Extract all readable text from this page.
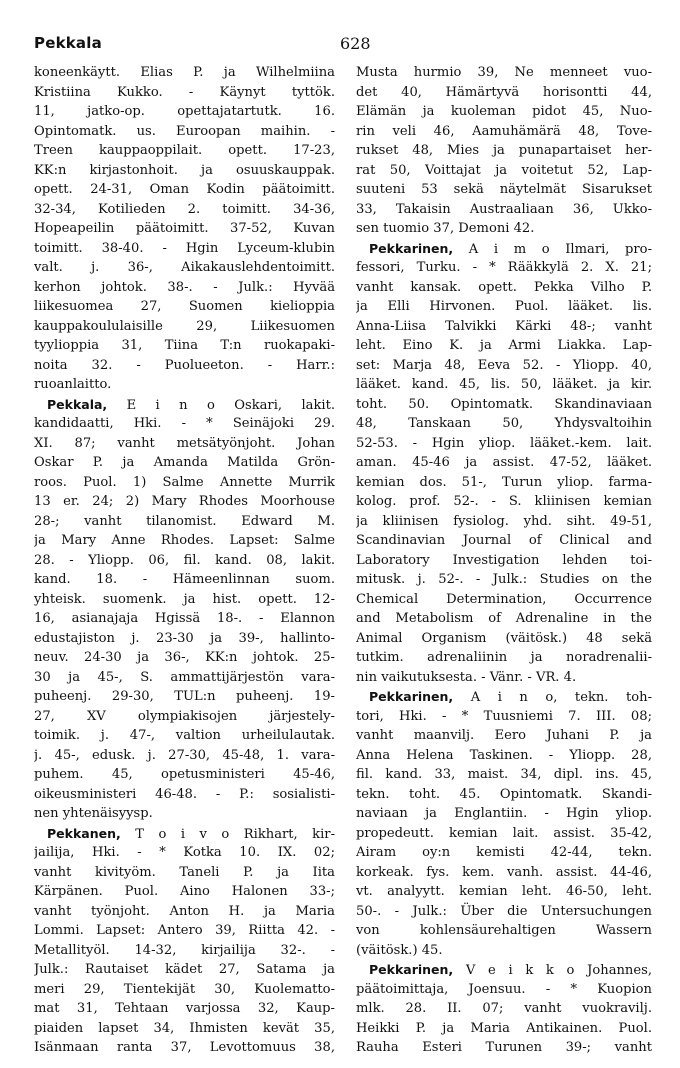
Pekkala	628
koneenkäytt. Elias P. ja Wilhelmiina
Kristiina Kukko. - Käynyt tyttök.
11, jatko-op. opettajatartutk. 16.
Opintomatk. us. Euroopan maihin. -
Treen kauppaoppilait. opett. 17-23,
KK:n kirjastonhoit. ja osuuskauppak.
opett. 24-31, Oman Kodin päätoimitt.
32-34, Kotilieden 2. toimitt. 34-36,
Hopeapeilin päätoimitt. 37-52, Kuvan
toimitt. 38-40. - Hgin Lyceum-klubin
valt. j. 36-, Aikakauslehdentoimitt.
kerhon johtok. 38-. - Julk.: Hyvää
liikesuomea 27, Suomen kielioppia
kauppakoululaisille 29, Liikesuomen
tyylioppia 31, Tiina T:n ruokapaki-
noita 32. - Puolueeton. - Harr.:
ruoanlaitto.
Pekkala, E i n o Oskari, lakit.
kandidaatti, Hki. - * Seinäjoki 29.
XI. 87; vanht metsätyönjoht. Johan
Oskar P. ja Amanda Matilda Grön-
roos. Puol. 1) Salme Annette Murrik
13 er. 24; 2) Mary Rhodes Moorhouse
28-; vanht tilanomist. Edward M.
ja Mary Anne Rhodes. Lapset: Salme
28. - Yliopp. 06, fil. kand. 08, lakit.
kand. 18. - Hämeenlinnan suom.
yhteisk. suomenk. ja hist. opett. 12-
16, asianajaja Hgissä 18-. - Elannon
edustajiston j. 23-30 ja 39-, hallinto-
neuv. 24-30 ja 36-, KK:n johtok. 25-
30 ja 45-, S. ammattijärjestön vara-
puheenj. 29-30, TUL:n puheenj. 19-
27, XV olympiakisojen järjestely-
toimik. j. 47-, valtion urheilulautak.
j. 45-, edusk. j. 27-30, 45-48, 1. vara-
puhem. 45, opetusministeri 45-46,
oikeusministeri 46-48. - P.: sosialisti-
nen yhtenäisyysp.
Pekkanen, T o i v o Rikhart, kir-
jailija, Hki. - * Kotka 10. IX. 02;
vanht kivityöm. Taneli P. ja Iita
Kärpänen. Puol. Aino Halonen 33-;
vanht työnjoht. Anton H. ja Maria
Lommi. Lapset: Antero 39, Riitta 42. -
Metallityöl. 14-32, kirjailija 32-. -
Julk.: Rautaiset kädet 27, Satama ja
meri 29, Tientekijät 30, Kuolematto-
mat 31, Tehtaan varjossa 32, Kaup-
piaiden lapset 34, Ihmisten kevät 35,
Isänmaan ranta 37, Levottomuus 38,
Musta hurmio 39, Ne menneet vuo-
det 40, Hämärtyvä horisontti 44,
Elämän ja kuoleman pidot 45, Nuo-
rin veli 46, Aamuhämärä 48, Tove-
rukset 48, Mies ja punapartaiset her-
rat 50, Voittajat ja voitetut 52, Lap-
suuteni 53 sekä näytelmät Sisarukset
33, Takaisin Austraaliaan 36, Ukko-
sen tuomio 37, Demoni 42.
Pekkarinen, A i m o Ilmari, pro-
fessori, Turku. - * Rääkkylä 2. X. 21;
vanht kansak. opett. Pekka Vilho P.
ja Elli Hirvonen. Puol. lääket. lis.
Anna-Liisa Talvikki Kärki 48-; vanht
leht. Eino K. ja Armi Liakka. Lap-
set: Marja 48, Eeva 52. - Yliopp. 40,
lääket. kand. 45, lis. 50, lääket. ja kir.
toht. 50. Opintomatk. Skandinaviaan
48, Tanskaan 50, Yhdysvaltoihin
52-53. - Hgin yliop. lääket.-kem. lait.
aman. 45-46 ja assist. 47-52, lääket.
kemian dos. 51-, Turun yliop. farma-
kolog. prof. 52-. - S. kliinisen kemian
ja kliinisen fysiolog. yhd. siht. 49-51,
Scandinavian Journal of Clinical and
Laboratory Investigation lehden toi-
mitusk. j. 52-. - Julk.: Studies on the
Chemical Determination, Occurrence
and Metabolism of Adrenaline in the
Animal Organism (väitösk.) 48 sekä
tutkim. adrenaliinin ja noradrenalii-
nin vaikutuksesta. - Vänr. - VR. 4.
Pekkarinen, A i n o, tekn. toh-
tori, Hki. - * Tuusniemi 7. III. 08;
vanht maanvilj. Eero Juhani P. ja
Anna Helena Taskinen. - Yliopp. 28,
fil. kand. 33, maist. 34, dipl. ins. 45,
tekn. toht. 45. Opintomatk. Skandi-
naviaan ja Englantiin. - Hgin yliop.
propedeutt. kemian lait. assist. 35-42,
Airam oy:n kemisti 42-44, tekn.
korkeak. fys. kem. vanh. assist. 44-46,
vt. analyytt. kemian leht. 46-50, leht.
50-. - Julk.: Über die Untersuchungen
von kohlensäurehaltigen Wassern
(väitösk.) 45.
Pekkarinen, V e i k k o Johannes,
päätoimittaja, Joensuu. - * Kuopion
mlk. 28. II. 07; vanht vuokravilj.
Heikki P. ja Maria Antikainen. Puol.
Rauha Esteri Turunen 39-; vanht
